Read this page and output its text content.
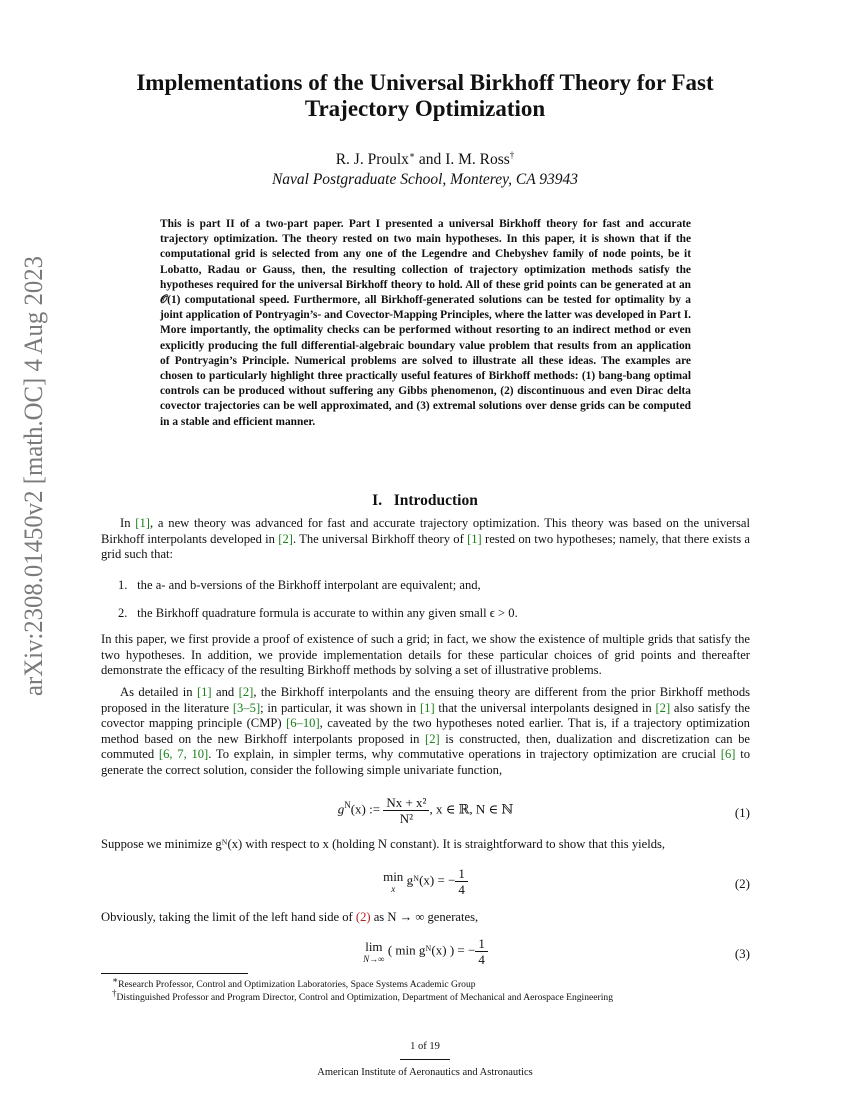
arXiv:2308.01450v2 [math.OC] 4 Aug 2023
Implementations of the Universal Birkhoff Theory for Fast Trajectory Optimization
R. J. Proulx∗ and I. M. Ross†
Naval Postgraduate School, Monterey, CA 93943
This is part II of a two-part paper. Part I presented a universal Birkhoff theory for fast and accurate trajectory optimization. The theory rested on two main hypotheses. In this paper, it is shown that if the computational grid is selected from any one of the Legendre and Chebyshev family of node points, be it Lobatto, Radau or Gauss, then, the resulting collection of trajectory optimization methods satisfy the hypotheses required for the universal Birkhoff theory to hold. All of these grid points can be generated at an 𝒪(1) computational speed. Furthermore, all Birkhoff-generated solutions can be tested for optimality by a joint application of Pontryagin’s- and Covector-Mapping Principles, where the latter was developed in Part I. More importantly, the optimality checks can be performed without resorting to an indirect method or even explicitly producing the full differential-algebraic boundary value problem that results from an application of Pontryagin’s Principle. Numerical problems are solved to illustrate all these ideas. The examples are chosen to particularly highlight three practically useful features of Birkhoff methods: (1) bang-bang optimal controls can be produced without suffering any Gibbs phenomenon, (2) discontinuous and even Dirac delta covector trajectories can be well approximated, and (3) extremal solutions over dense grids can be computed in a stable and efficient manner.
I. Introduction
In [1], a new theory was advanced for fast and accurate trajectory optimization. This theory was based on the universal Birkhoff interpolants developed in [2]. The universal Birkhoff theory of [1] rested on two hypotheses; namely, that there exists a grid such that:
1. the a- and b-versions of the Birkhoff interpolant are equivalent; and,
2. the Birkhoff quadrature formula is accurate to within any given small ϵ > 0.
In this paper, we first provide a proof of existence of such a grid; in fact, we show the existence of multiple grids that satisfy the two hypotheses. In addition, we provide implementation details for these particular choices of grid points and thereafter demonstrate the efficacy of the resulting Birkhoff methods by solving a set of illustrative problems.
As detailed in [1] and [2], the Birkhoff interpolants and the ensuing theory are different from the prior Birkhoff methods proposed in the literature [3–5]; in particular, it was shown in [1] that the universal interpolants designed in [2] also satisfy the covector mapping principle (CMP) [6–10], caveated by the two hypotheses noted earlier. That is, if a trajectory optimization method based on the new Birkhoff interpolants proposed in [2] is constructed, then, dualization and discretization can be commuted [6, 7, 10]. To explain, in simpler terms, why commutative operations in trajectory optimization are crucial [6] to generate the correct solution, consider the following simple univariate function,
$g^N(x)$ := $\frac{\text{Nx + x²}}{\text{N²}}$ , x ∈ ℝ, N ∈ ℕ	(1)
Suppose we minimize gᴺ(x) with respect to x (holding N constant). It is straightforward to show that this yields,
min
x
gᴺ(x) = − $\frac{1}{4}$	(2)
Obviously, taking the limit of the left hand side of (2) as N → ∞ generates,
lim
N→∞
( min gᴺ(x) ) = − $\frac{1}{4}$	(3)
∗Research Professor, Control and Optimization Laboratories, Space Systems Academic Group
†Distinguished Professor and Program Director, Control and Optimization, Department of Mechanical and Aerospace Engineering
1 of 19
American Institute of Aeronautics and Astronautics
